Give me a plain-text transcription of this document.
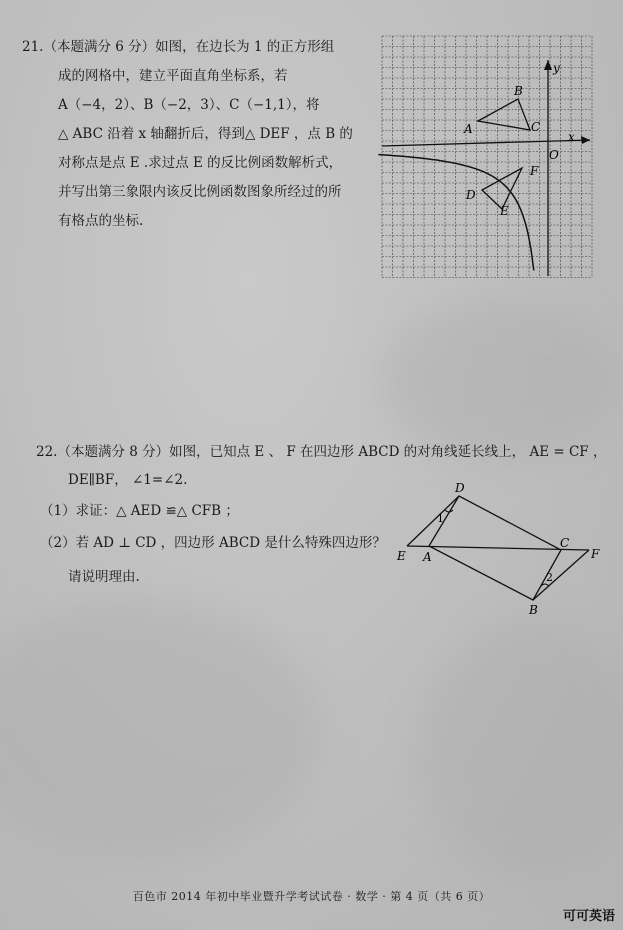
21.（本题满分 6 分）如图，在边长为 1 的正方形组

成的网格中，建立平面直角坐标系，若

A（−4，2）、B（−2，3）、C（−1,1），将

△ ABC 沿着 x 轴翻折后，得到△ DEF ，点 B 的

对称点是点 E .求过点 E 的反比例函数解析式，

并写出第三象限内该反比例函数图象所经过的所

有格点的坐标.

A
B
C
D
E
F
O
x
y
22.（本题满分 8 分）如图，已知点 E 、 F 在四边形 ABCD 的对角线延长线上， AE = CF ，
DE∥BF， ∠1=∠2.
（1）求证：△ AED ≌△ CFB ；
（2）若 AD ⊥ CD ，四边形 ABCD 是什么特殊四边形？
请说明理由.
D
E A
C
F
B
1
2
百色市 2014 年初中毕业暨升学考试试卷 · 数学 · 第 4 页（共 6 页）
可可英语
